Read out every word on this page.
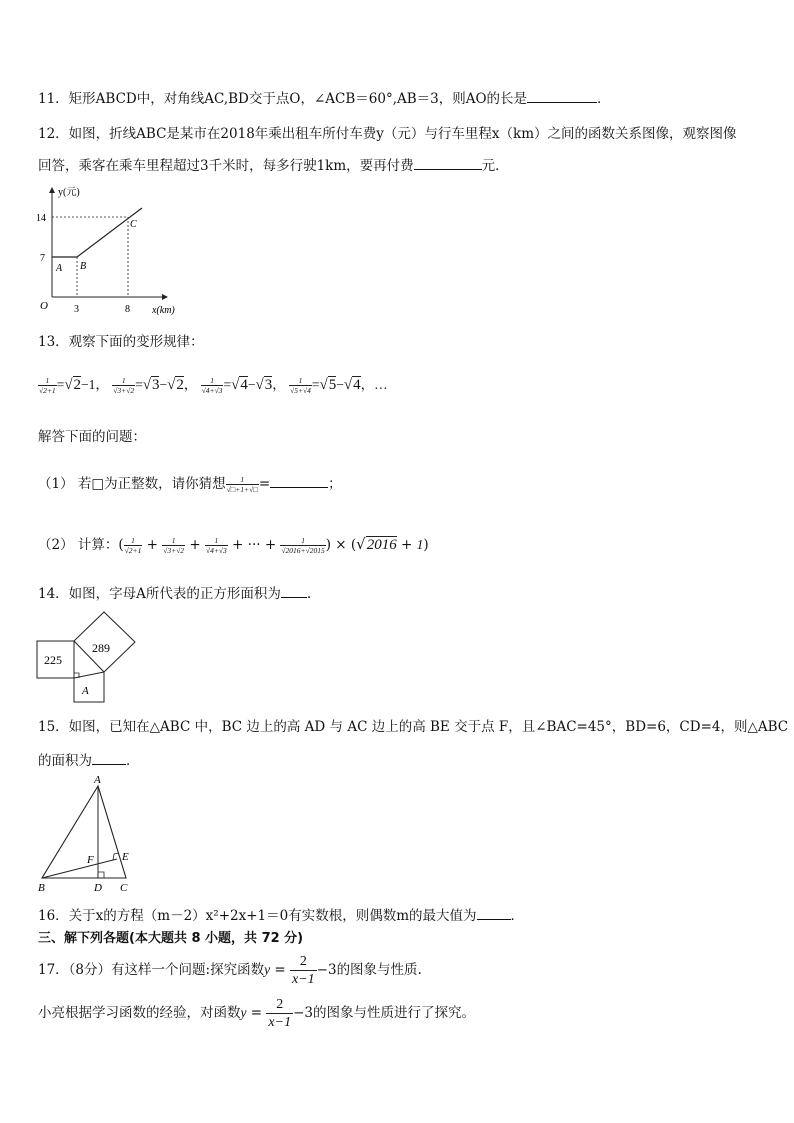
11．矩形ABCD中，对角线AC,BD交于点O，∠ACB＝60°,AB＝3，则AO的长是	．
12．如图，折线ABC是某市在2018年乘出租车所付车费y（元）与行车里程x（km）之间的函数关系图像，观察图像
回答，乘客在乘车里程超过3千米时，每多行驶1km，要再付费	元．
y(元)
x(km)
O
14
7
3	8
A B
C
13．观察下面的变形规律：
$\frac{1}{√2+1} =√2-1$， $\frac{1}{√3+√2} =√3-√2$， $\frac{1}{√4+√3} =√4-√3$， $\frac{1}{√5+√4} =√5-√4$，…
解答下面的问题：
（1） 若□为正整数，请你猜想 $\frac{1}{√□+1+√□}$ =	；
（2） 计算：( $\frac{1}{√2+1} + \frac{1}{√3+√2} + \frac{1}{√4+√3}$ + ··· + $\frac{1}{√2016+√2015}$ ) × (√2016 + 1)
14．如图，字母A所代表的正方形面积为 ．
225
289
A
15．如图，已知在△ABC 中，BC 边上的高 AD 与 AC 边上的高 BE 交于点 F，且∠BAC=45°，BD=6，CD=4，则△ABC
的面积为	．
A
B	C
D
E
F
16．关于x的方程（m－2）x²+2x+1＝0有实数根，则偶数m的最大值为	．
三、解下列各题(本大题共 8 小题，共 72 分)
17．（8分）有这样一个问题:探究函数$y = \frac{2}{x-1} -3$的图象与性质.
小亮根据学习函数的经验，对函数$y = \frac{2}{x-1} -3$的图象与性质进行了探究。
